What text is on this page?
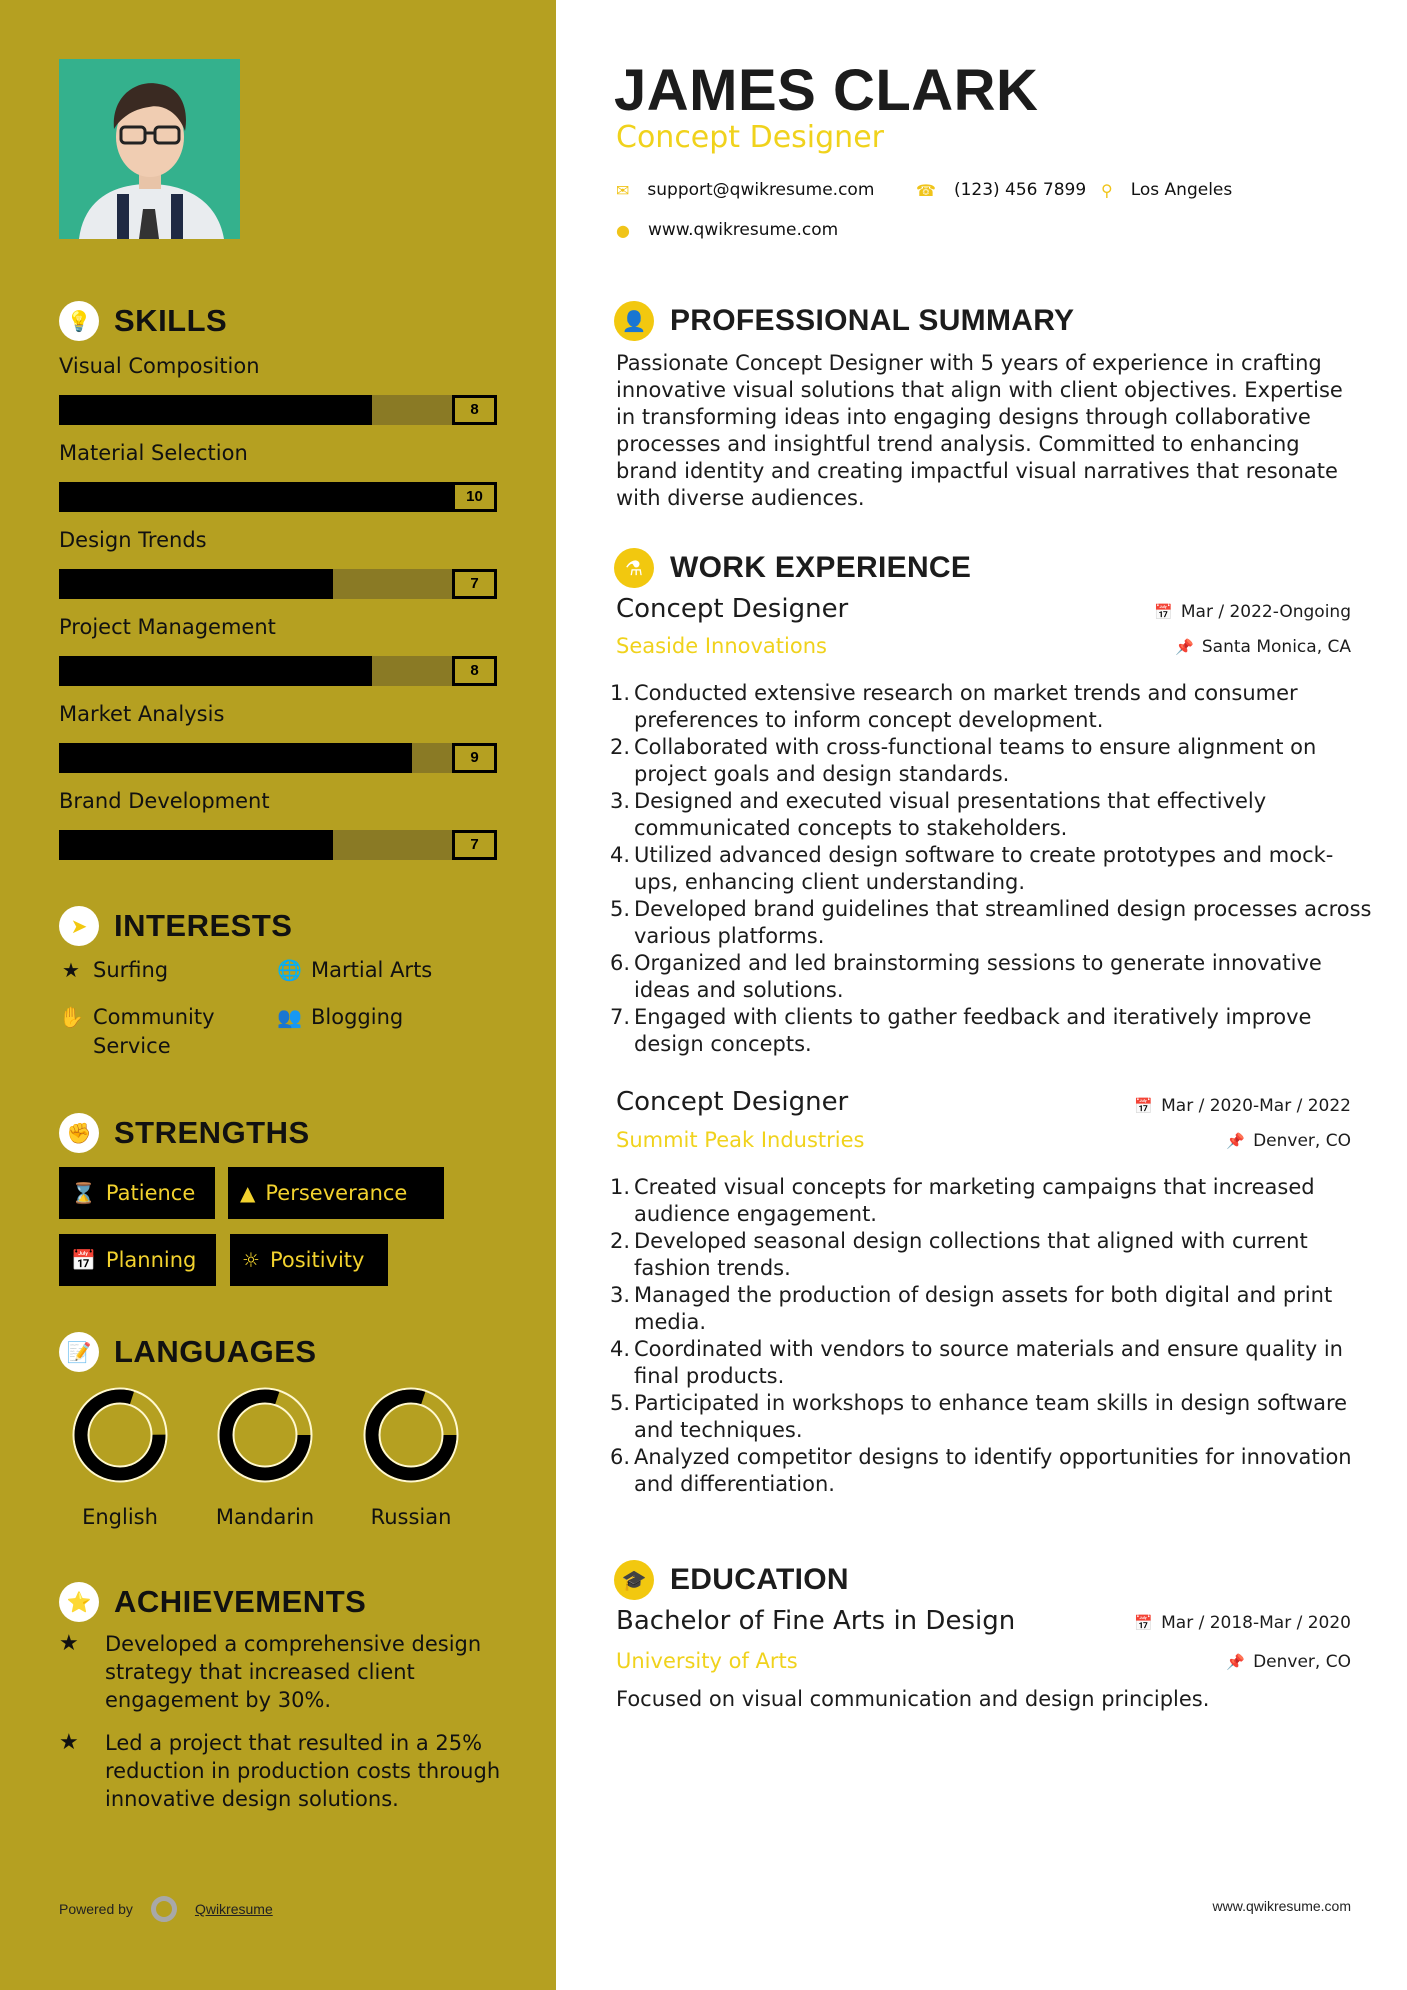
💡 SKILLS
Visual Composition
8
Material Selection
10
Design Trends
7
Project Management
8
Market Analysis
9
Brand Development
7
➤ INTERESTS
★ Surfing	🌐 Martial Arts
✋ Community Service
👥 Blogging
✊ STRENGTHS
⌛ Patience ▲ Perseverance
📅 Planning ☼ Positivity
📝 LANGUAGES
English	Mandarin	Russian
⭐ ACHIEVEMENTS
★	Developed a comprehensive design strategy that increased client engagement by 30%.
★	Led a project that resulted in a 25% reduction in production costs through innovative design solutions.
Powered by	Qwikresume
JAMES CLARK
Concept Designer
✉ support@qwikresume.com	☎ (123) 456 7899 ⚲ Los Angeles
● www.qwikresume.com
👤 PROFESSIONAL SUMMARY
Passionate Concept Designer with 5 years of experience in crafting innovative visual solutions that align with client objectives. Expertise in transforming ideas into engaging designs through collaborative processes and insightful trend analysis. Committed to enhancing brand identity and creating impactful visual narratives that resonate with diverse audiences.
⚗ WORK EXPERIENCE
Concept Designer	📅 Mar / 2022-Ongoing
Seaside Innovations	📌 Santa Monica, CA
1. Conducted extensive research on market trends and consumer preferences to inform concept development.
2. Collaborated with cross-functional teams to ensure alignment on project goals and design standards.
3. Designed and executed visual presentations that effectively communicated concepts to stakeholders.
4. Utilized advanced design software to create prototypes and mock-ups, enhancing client understanding.
5. Developed brand guidelines that streamlined design processes across various platforms.
6. Organized and led brainstorming sessions to generate innovative ideas and solutions.
7. Engaged with clients to gather feedback and iteratively improve design concepts.
Concept Designer	📅 Mar / 2020-Mar / 2022
Summit Peak Industries	📌 Denver, CO
1. Created visual concepts for marketing campaigns that increased audience engagement.
2. Developed seasonal design collections that aligned with current fashion trends.
3. Managed the production of design assets for both digital and print media.
4. Coordinated with vendors to source materials and ensure quality in final products.
5. Participated in workshops to enhance team skills in design software and techniques.
6. Analyzed competitor designs to identify opportunities for innovation and differentiation.
🎓 EDUCATION
Bachelor of Fine Arts in Design	📅 Mar / 2018-Mar / 2020
University of Arts	📌 Denver, CO
Focused on visual communication and design principles.
www.qwikresume.com
